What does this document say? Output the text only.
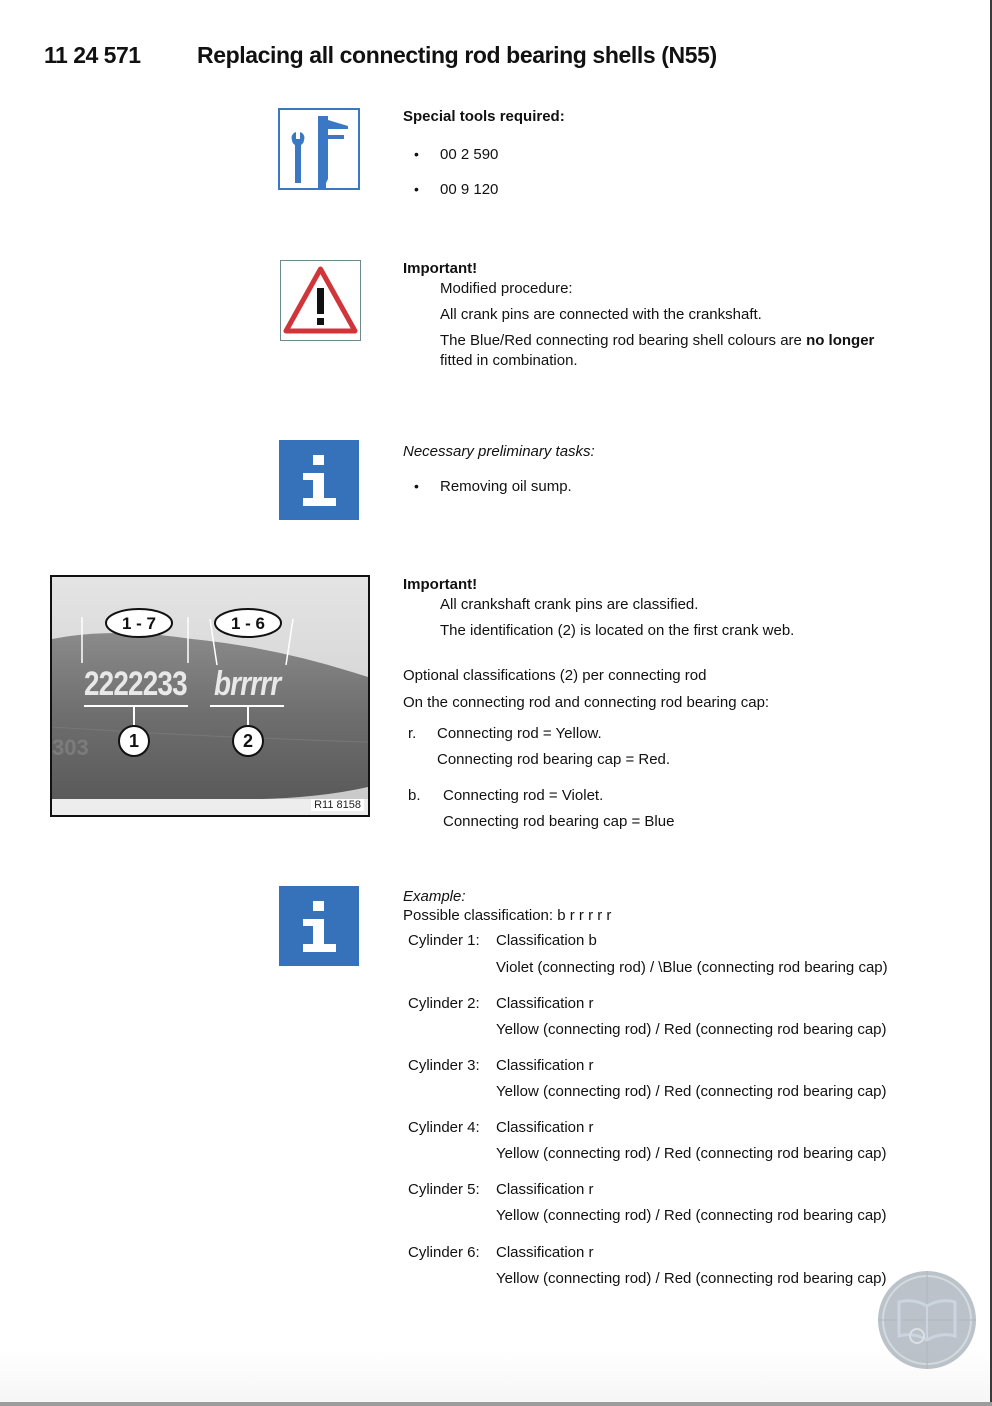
11 24 571 Replacing all connecting rod bearing shells (N55)
Special tools required:
• 00 2 590
• 00 9 120
Important!
Modified procedure:
All crank pins are connected with the crankshaft.
The Blue/Red connecting rod bearing shell colours are no longer
fitted in combination.
Necessary preliminary tasks:
• Removing oil sump.
303
1 - 7	1 - 6
2222233 brrrrr
1	2
R11 8158
Important!
All crankshaft crank pins are classified.
The identification (2) is located on the first crank web.
Optional classifications (2) per connecting rod
On the connecting rod and connecting rod bearing cap:
r. Connecting rod = Yellow.
Connecting rod bearing cap = Red.
b. Connecting rod = Violet.
Connecting rod bearing cap = Blue
Example:
Possible classification: b r r r r r
Cylinder 1: Classification b
Violet (connecting rod) / \Blue (connecting rod bearing cap)
Cylinder 2: Classification r
Yellow (connecting rod) / Red (connecting rod bearing cap)
Cylinder 3: Classification r
Yellow (connecting rod) / Red (connecting rod bearing cap)
Cylinder 4: Classification r
Yellow (connecting rod) / Red (connecting rod bearing cap)
Cylinder 5: Classification r
Yellow (connecting rod) / Red (connecting rod bearing cap)
Cylinder 6: Classification r
Yellow (connecting rod) / Red (connecting rod bearing cap)
